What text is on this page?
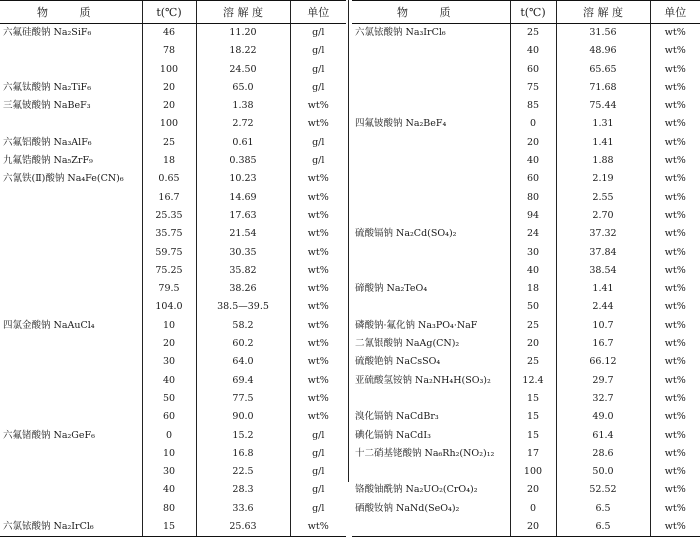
物 质	t(℃)	溶 解 度	单位
六氟硅酸钠 Na₂SiF₆	46	11.20	g/l
	78	18.22	g/l
	100	24.50	g/l
六氟钛酸钠 Na₂TiF₆	20	65.0	g/l
三氟铍酸钠 NaBeF₃	20	1.38	wt%
	100	2.72	wt%
六氟铝酸钠 Na₃AlF₆	25	0.61	g/l
九氟锆酸钠 Na₅ZrF₉	18	0.385	g/l
六氰铁(Ⅱ)酸钠 Na₄Fe(CN)₆	0.65	10.23	wt%
	16.7	14.69	wt%
	25.35	17.63	wt%
	35.75	21.54	wt%
	59.75	30.35	wt%
	75.25	35.82	wt%
	79.5	38.26	wt%
	104.0	38.5—39.5	wt%
四氯金酸钠 NaAuCl₄	10	58.2	wt%
	20	60.2	wt%
	30	64.0	wt%
	40	69.4	wt%
	50	77.5	wt%
	60	90.0	wt%
六氟锗酸钠 Na₂GeF₆	0	15.2	g/l
	10	16.8	g/l
	30	22.5	g/l
	40	28.3	g/l
	80	33.6	g/l
六氯铱酸钠 Na₂IrCl₆	15	25.63	wt%
物 质	t(℃)	溶 解 度	单位
六氯铱酸钠 Na₃IrCl₆	25	31.56	wt%
	40	48.96	wt%
	60	65.65	wt%
	75	71.68	wt%
	85	75.44	wt%
四氟铍酸钠 Na₂BeF₄	0	1.31	wt%
	20	1.41	wt%
	40	1.88	wt%
	60	2.19	wt%
	80	2.55	wt%
	94	2.70	wt%
硫酸镉钠 Na₂Cd(SO₄)₂	24	37.32	wt%
	30	37.84	wt%
	40	38.54	wt%
碲酸钠 Na₂TeO₄	18	1.41	wt%
	50	2.44	wt%
磷酸钠·氟化钠 Na₃PO₄·NaF	25	10.7	wt%
二氰银酸钠 NaAg(CN)₂	20	16.7	wt%
硫酸铯钠 NaCsSO₄	25	66.12	wt%
亚硫酸氢铵钠 Na₂NH₄H(SO₃)₂	12.4	29.7	wt%
	15	32.7	wt%
溴化镉钠 NaCdBr₃	15	49.0	wt%
碘化镉钠 NaCdI₃	15	61.4	wt%
十二硝基铑酸钠 Na₆Rh₂(NO₂)₁₂	17	28.6	wt%
	100	50.0	wt%
铬酸铀酰钠 Na₂UO₂(CrO₄)₂	20	52.52	wt%
硒酸钕钠 NaNd(SeO₄)₂	0	6.5	wt%
	20	6.5	wt%
